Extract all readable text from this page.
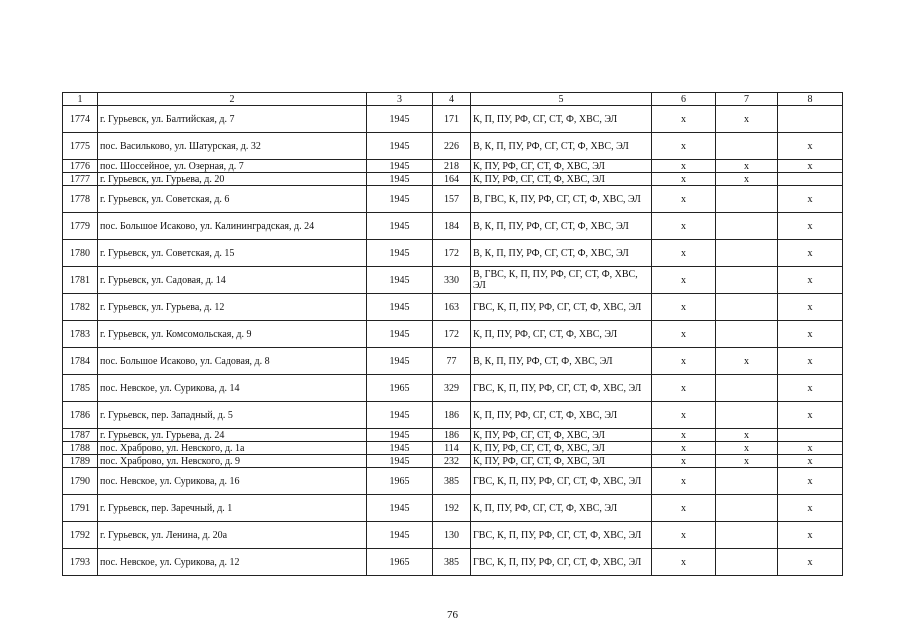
1	2	3	4	5	6	7	8
1774	г. Гурьевск, ул. Балтийская, д. 7	1945	171	К, П, ПУ, РФ, СГ, СТ, Ф, ХВС, ЭЛ	x	x	
1775	пос. Васильково, ул. Шатурская, д. 32	1945	226	В, К, П, ПУ, РФ, СГ, СТ, Ф, ХВС, ЭЛ	x		x
1776	пос. Шоссейное, ул. Озерная, д. 7	1945	218	К, ПУ, РФ, СГ, СТ, Ф, ХВС, ЭЛ	x	x	x
1777	г. Гурьевск, ул. Гурьева, д. 20	1945	164	К, ПУ, РФ, СГ, СТ, Ф, ХВС, ЭЛ	x	x	
1778	г. Гурьевск, ул. Советская, д. 6	1945	157	В, ГВС, К, ПУ, РФ, СГ, СТ, Ф, ХВС, ЭЛ	x		x
1779	пос. Большое Исаково, ул. Калининградская, д. 24	1945	184	В, К, П, ПУ, РФ, СГ, СТ, Ф, ХВС, ЭЛ	x		x
1780	г. Гурьевск, ул. Советская, д. 15	1945	172	В, К, П, ПУ, РФ, СГ, СТ, Ф, ХВС, ЭЛ	x		x
1781	г. Гурьевск, ул. Садовая, д. 14	1945	330	В, ГВС, К, П, ПУ, РФ, СГ, СТ, Ф, ХВС, ЭЛ	x		x
1782	г. Гурьевск, ул. Гурьева, д. 12	1945	163	ГВС, К, П, ПУ, РФ, СГ, СТ, Ф, ХВС, ЭЛ	x		x
1783	г. Гурьевск, ул. Комсомольская, д. 9	1945	172	К, П, ПУ, РФ, СГ, СТ, Ф, ХВС, ЭЛ	x		x
1784	пос. Большое Исаково, ул. Садовая, д. 8	1945	77	В, К, П, ПУ, РФ, СТ, Ф, ХВС, ЭЛ	x	x	x
1785	пос. Невское, ул. Сурикова, д. 14	1965	329	ГВС, К, П, ПУ, РФ, СГ, СТ, Ф, ХВС, ЭЛ	x		x
1786	г. Гурьевск, пер. Западный, д. 5	1945	186	К, П, ПУ, РФ, СГ, СТ, Ф, ХВС, ЭЛ	x		x
1787	г. Гурьевск, ул. Гурьева, д. 24	1945	186	К, ПУ, РФ, СГ, СТ, Ф, ХВС, ЭЛ	x	x	
1788	пос. Храброво, ул. Невского, д. 1а	1945	114	К, ПУ, РФ, СГ, СТ, Ф, ХВС, ЭЛ	x	x	x
1789	пос. Храброво, ул. Невского, д. 9	1945	232	К, ПУ, РФ, СГ, СТ, Ф, ХВС, ЭЛ	x	x	x
1790	пос. Невское, ул. Сурикова, д. 16	1965	385	ГВС, К, П, ПУ, РФ, СГ, СТ, Ф, ХВС, ЭЛ	x		x
1791	г. Гурьевск, пер. Заречный, д. 1	1945	192	К, П, ПУ, РФ, СГ, СТ, Ф, ХВС, ЭЛ	x		x
1792	г. Гурьевск, ул. Ленина, д. 20а	1945	130	ГВС, К, П, ПУ, РФ, СГ, СТ, Ф, ХВС, ЭЛ	x		x
1793	пос. Невское, ул. Сурикова, д. 12	1965	385	ГВС, К, П, ПУ, РФ, СГ, СТ, Ф, ХВС, ЭЛ	x		x
76
